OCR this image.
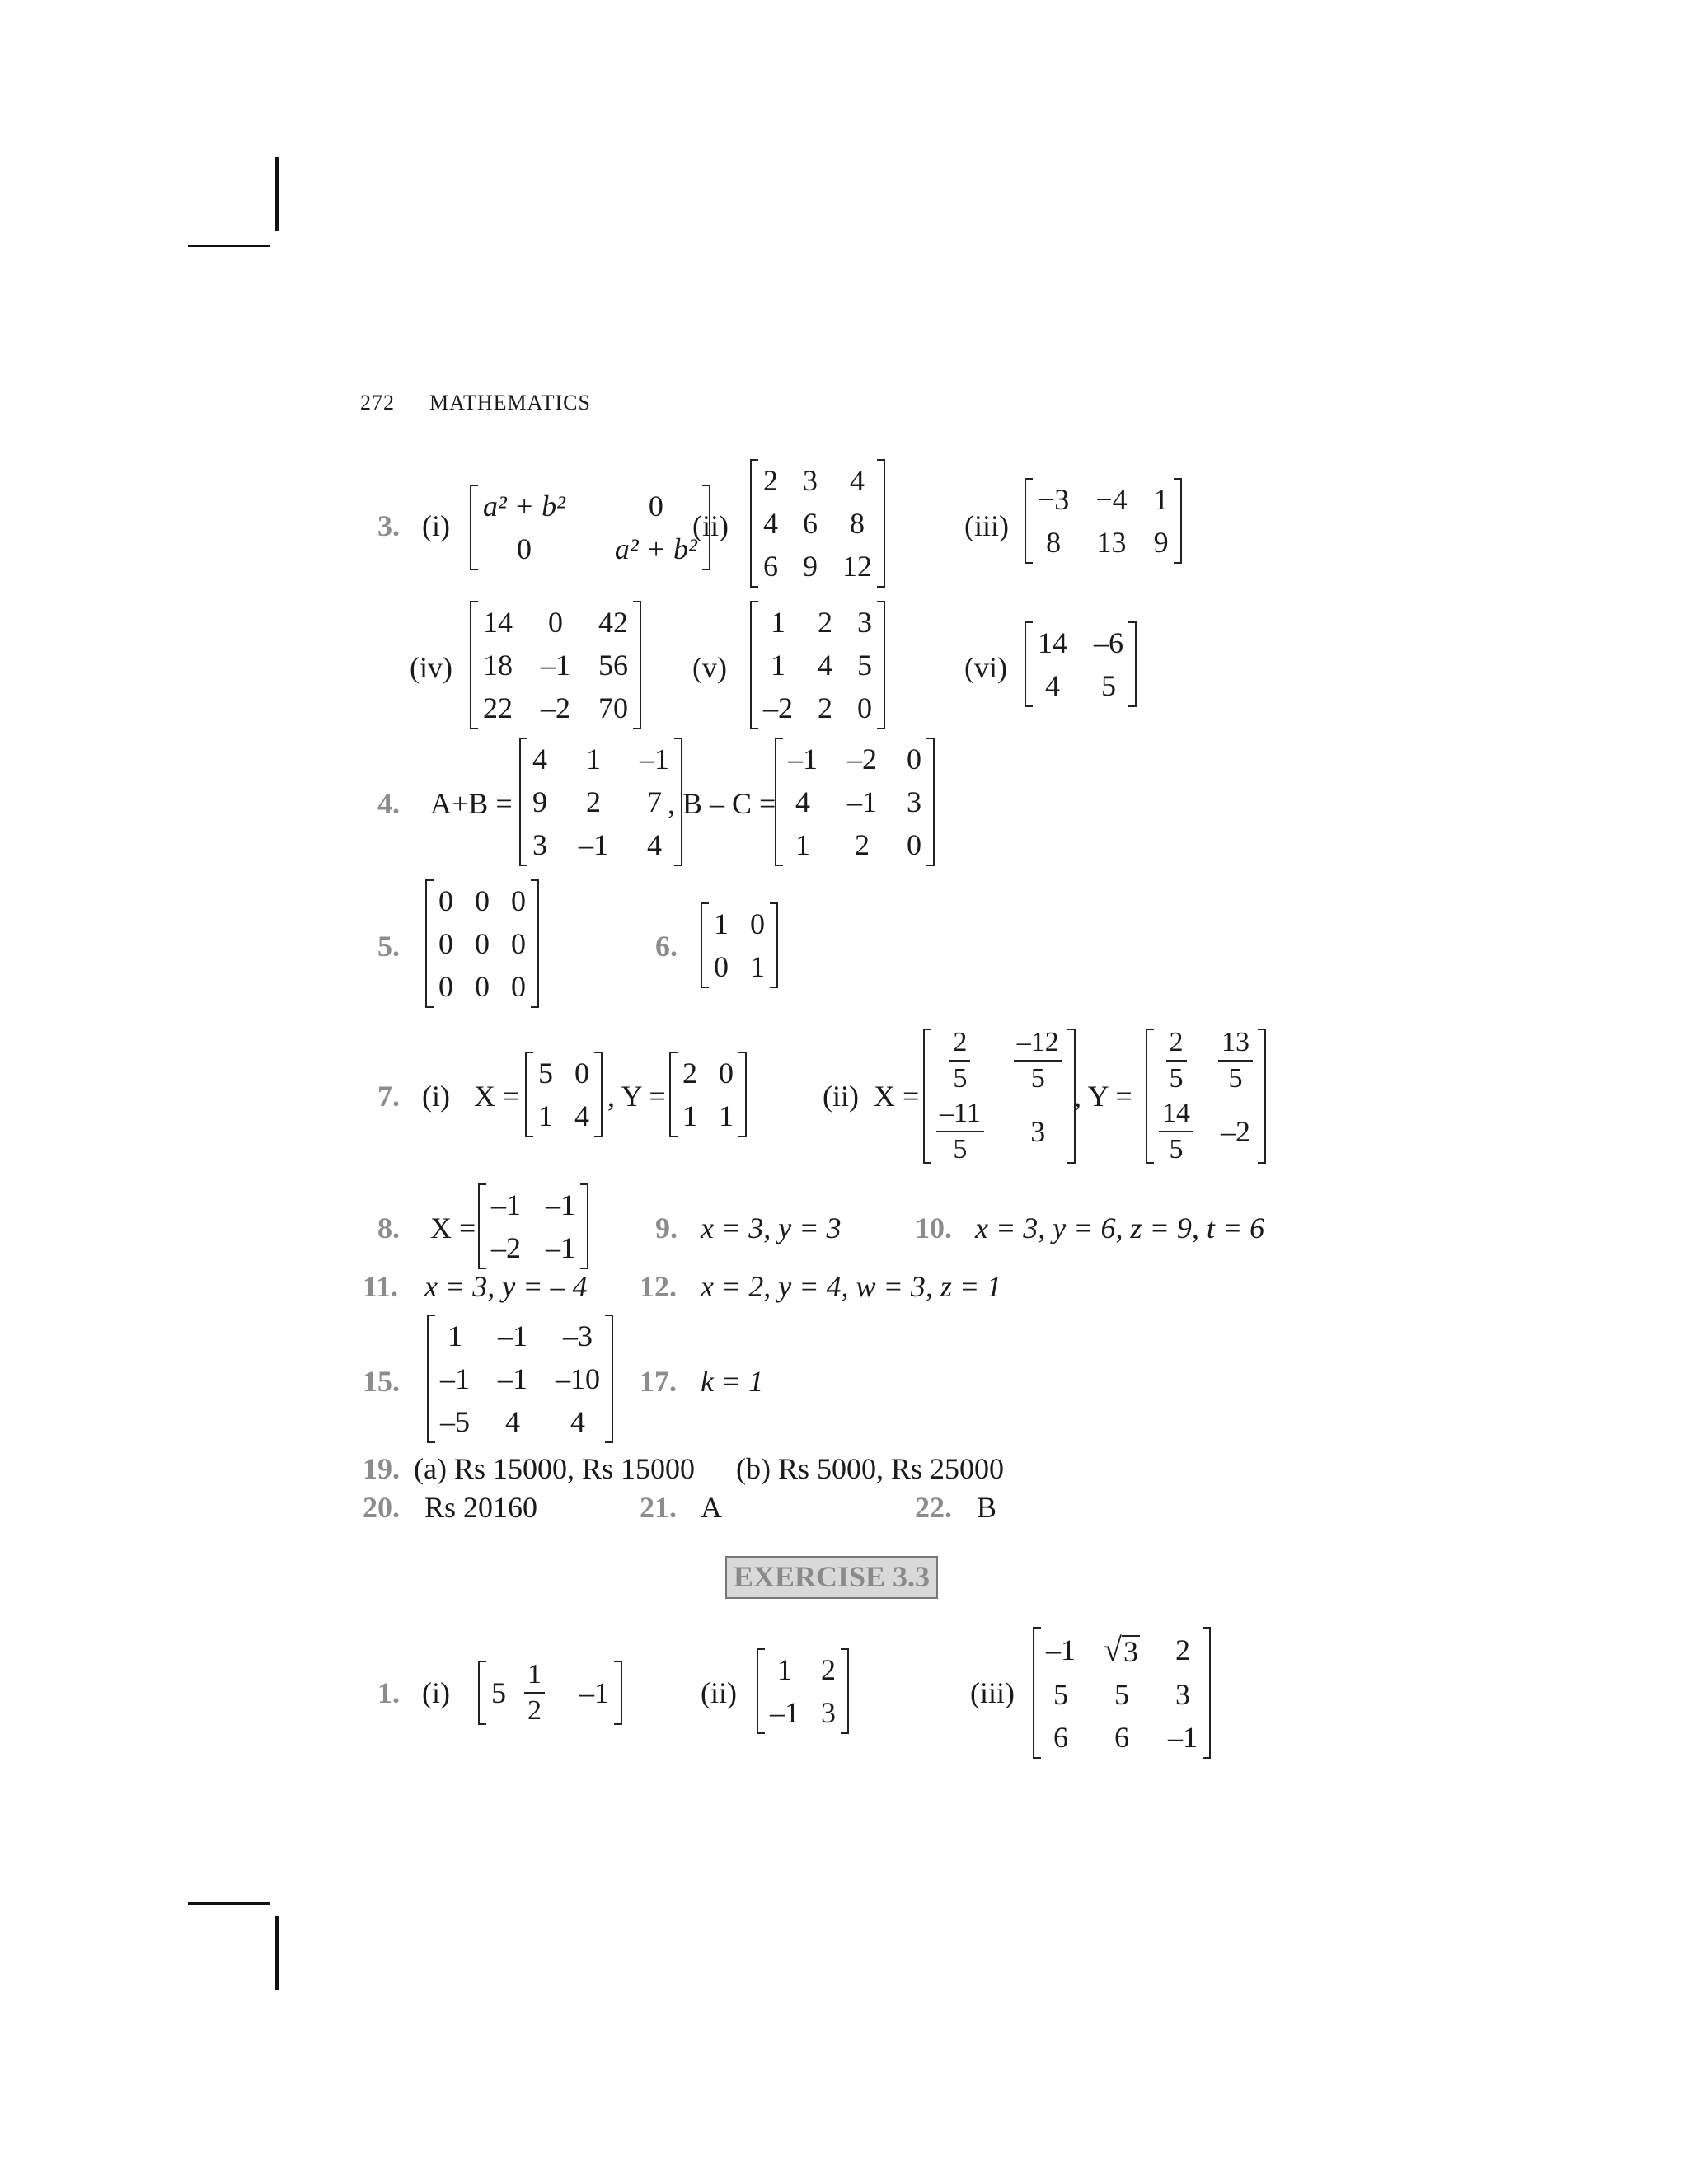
272 MATHEMATICS
3. (i)
a² + b²	0
0	a² + b²
(ii)
2 3 4
4 6 8
6 9 12
(iii)
−3 −4 1
8 13 9
(iv)
14 0 42
18 –1 56
22 –2 70
(v)
1 2 3
1 4 5
–2 2 0
(vi)
14 –6
4 5
4. A+B =
4 1 –1
9 2 7
3 –1 4
, B – C =
–1 –2 0
4 –1 3
1 2 0
5.
0 0 0
0 0 0
0 0 0
6.
1 0
0 1
7. (i) X =
5 0
1 4
, Y =
2 0
1 1
(ii) X =
$\frac{2}{5} \frac{-12}{5}$
$\frac{-11}{5} 3$
, Y =
$\frac{2}{5} \frac{13}{5}$
$\frac{14}{5} -2$
8. X =
–1 –1
–2 –1
9. x = 3, y = 3 10. x = 3, y = 6, z = 9, t = 6
11. x = 3, y = – 4 12. x = 2, y = 4, w = 3, z = 1
15.
1 –1 –3
–1 –1 –10
–5 4 4
17. k = 1
19. (a) Rs 15000, Rs 15000 (b) Rs 5000, Rs 25000
20. Rs 20160	21. A	22. B
EXERCISE 3.3
1. (i) $5 \frac{1}{2}$	–1	(ii)
1 2
–1 3
(iii)
–1 √ 3 2
5 5 3
6 6 –1
